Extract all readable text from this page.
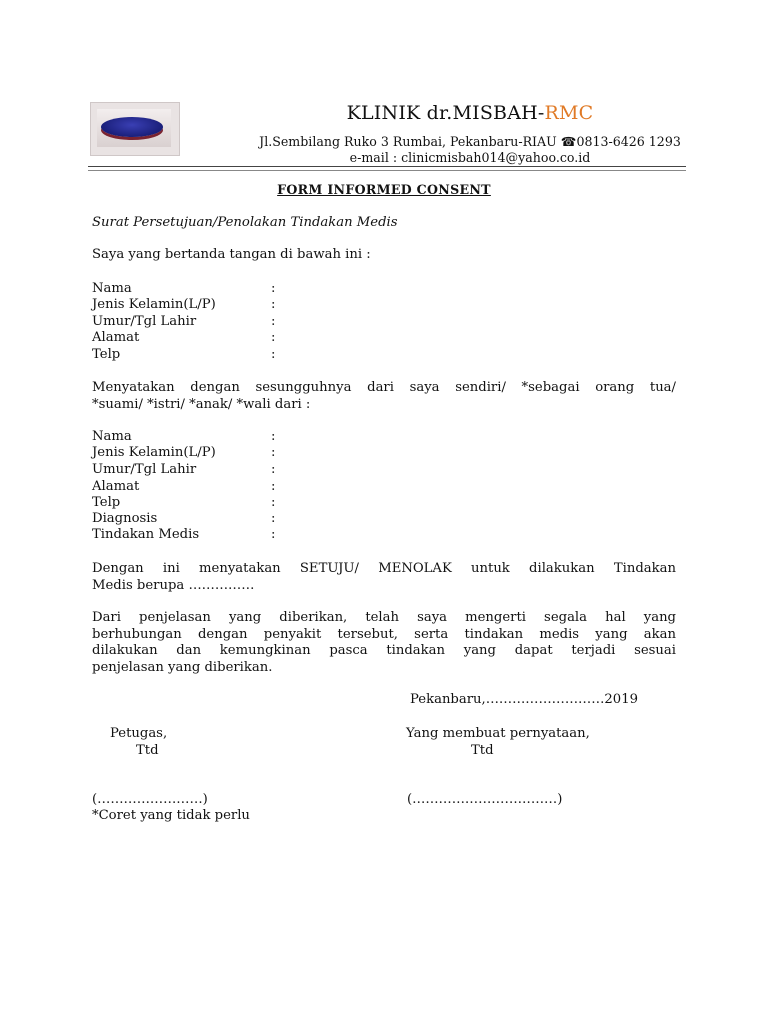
KLINIK dr.MISBAH-RMC
Jl.Sembilang Ruko 3 Rumbai, Pekanbaru-RIAU ☎0813-6426 1293
e-mail : clinicmisbah014@yahoo.co.id
FORM INFORMED CONSENT
Surat Persetujuan/Penolakan Tindakan Medis
Saya yang bertanda tangan di bawah ini :
Nama	:
Jenis Kelamin(L/P)	:
Umur/Tgl Lahir	:
Alamat	:
Telp	:
Menyatakan dengan sesungguhnya dari saya sendiri/ *sebagai orang tua/
*suami/ *istri/ *anak/ *wali dari :
Nama	:
Jenis Kelamin(L/P)	:
Umur/Tgl Lahir	:
Alamat	:
Telp	:
Diagnosis	:
Tindakan Medis	:
Dengan ini menyatakan SETUJU/ MENOLAK untuk dilakukan Tindakan
Medis berupa ……………
Dari penjelasan yang diberikan, telah saya mengerti segala hal yang
berhubungan dengan penyakit tersebut, serta tindakan medis yang akan
dilakukan dan kemungkinan pasca tindakan yang dapat terjadi sesuai
penjelasan yang diberikan.
Pekanbaru,………………………2019
Petugas,
Ttd
Yang membuat pernyataan,
Ttd
(……………………)	(……………………………)
*Coret yang tidak perlu
